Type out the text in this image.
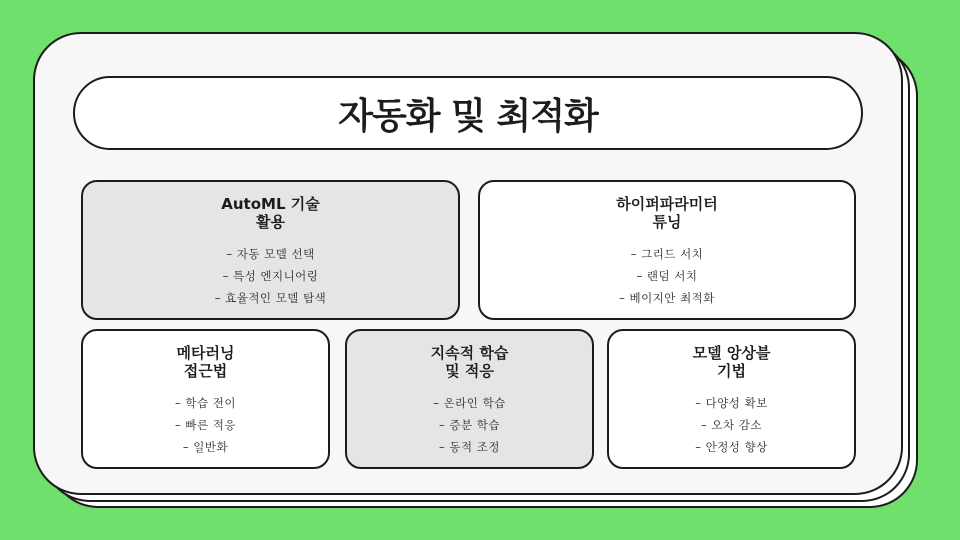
자동화 및 최적화
AutoML 기술
활용
– 자동 모델 선택
– 특성 엔지니어링
– 효율적인 모델 탐색
하이퍼파라미터
튜닝
– 그리드 서치
– 랜덤 서치
– 베이지안 최적화
메타러닝
접근법
– 학습 전이
– 빠른 적응
– 일반화
지속적 학습
및 적응
– 온라인 학습
– 증분 학습
– 동적 조정
모델 앙상블
기법
– 다양성 확보
– 오차 감소
– 안정성 향상
